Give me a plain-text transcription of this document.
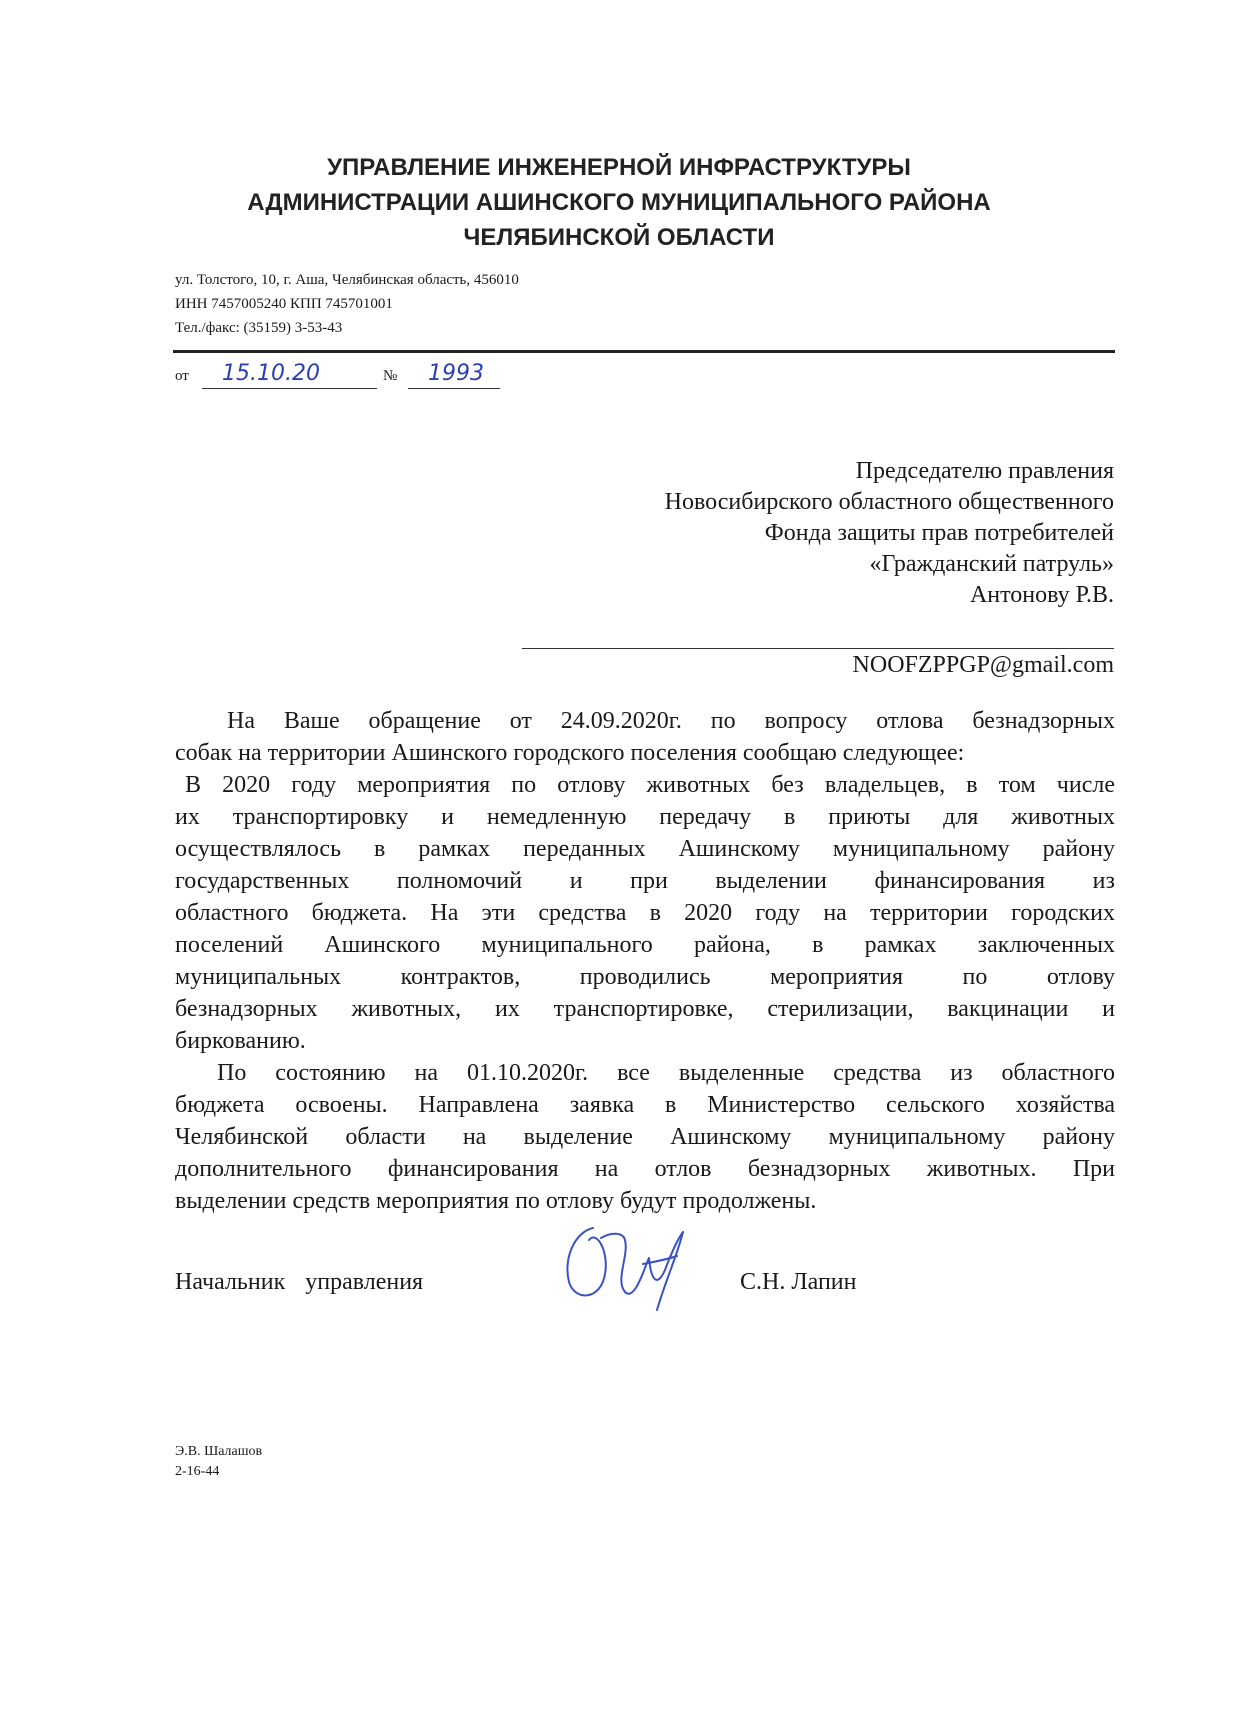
УПРАВЛЕНИЕ ИНЖЕНЕРНОЙ ИНФРАСТРУКТУРЫ
АДМИНИСТРАЦИИ АШИНСКОГО МУНИЦИПАЛЬНОГО РАЙОНА
ЧЕЛЯБИНСКОЙ ОБЛАСТИ
ул. Толстого, 10, г. Аша, Челябинская область, 456010
ИНН 7457005240 КПП 745701001
Тел./факс: (35159) 3-53-43
от 15.10.20	№ 1993
Председателю правления
Новосибирского областного общественного
Фонда защиты прав потребителей
«Гражданский патруль»
Антонову Р.В.
NOOFZPPGP@gmail.com
На Ваше обращение от 24.09.2020г. по вопросу отлова безнадзорных
собак на территории Ашинского городского поселения сообщаю следующее:
В 2020 году мероприятия по отлову животных без владельцев, в том числе
их транспортировку и немедленную передачу в приюты для животных
осуществлялось в рамках переданных Ашинскому муниципальному району
государственных полномочий и при выделении финансирования из
областного бюджета. На эти средства в 2020 году на территории городских
поселений Ашинского муниципального района, в рамках заключенных
муниципальных контрактов, проводились мероприятия по отлову
безнадзорных животных, их транспортировке, стерилизации, вакцинации и
биркованию.
По состоянию на 01.10.2020г. все выделенные средства из областного
бюджета освоены. Направлена заявка в Министерство сельского хозяйства
Челябинской области на выделение Ашинскому муниципальному району
дополнительного финансирования на отлов безнадзорных животных. При
выделении средств мероприятия по отлову будут продолжены.
Начальник управления	С.Н. Лапин
Э.В. Шалашов
2-16-44
